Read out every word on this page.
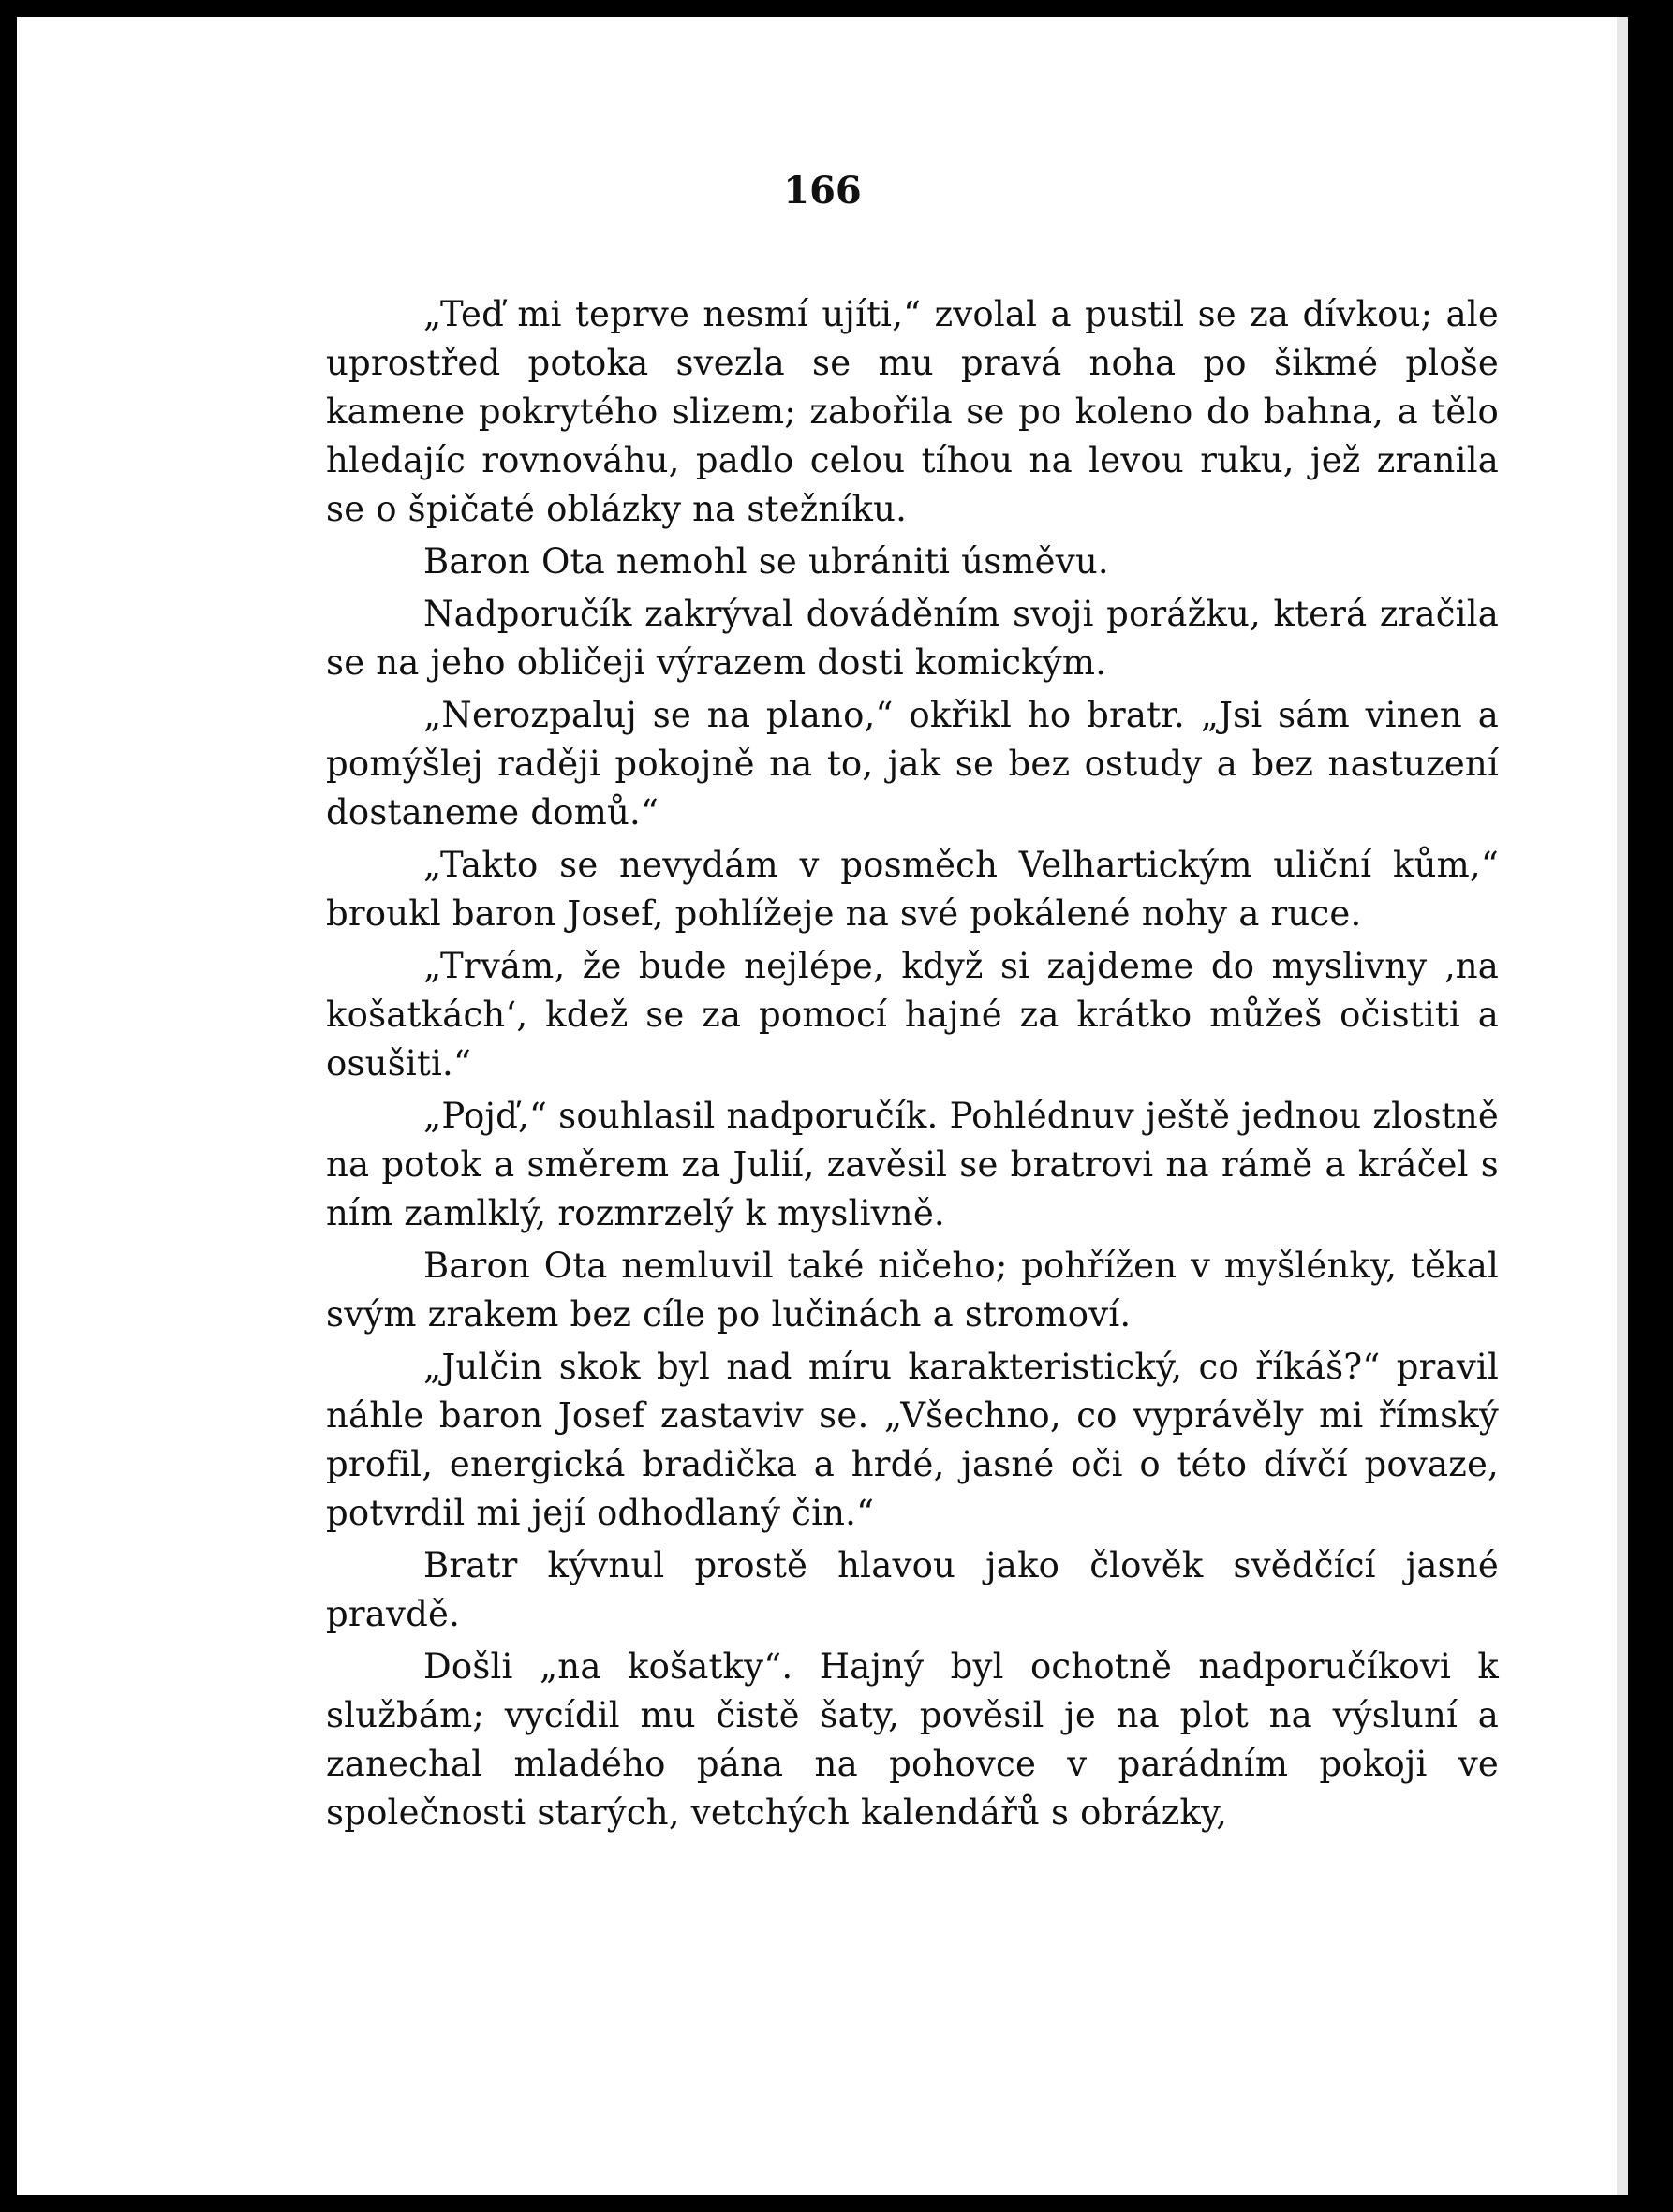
166

„Teď mi teprve nesmí ujíti,“ zvolal a pustil se za dívkou; ale uprostřed potoka svezla se mu pravá noha po šikmé ploše kamene pokrytého slizem; zabořila se po koleno do bahna, a tělo hledajíc rovnováhu, padlo celou tíhou na levou ruku, jež zranila se o špičaté oblázky na stežníku.

Baron Ota nemohl se ubrániti úsměvu.

Nadporučík zakrýval dováděním svoji porážku, která zračila se na jeho obličeji výrazem dosti komickým.

„Nerozpaluj se na plano,“ okřikl ho bratr. „Jsi sám vinen a pomýšlej raději pokojně na to, jak se bez ostudy a bez nastuzení dostaneme domů.“

„Takto se nevydám v posměch Velhartickým uliční kům,“ broukl baron Josef, pohlížeje na své pokálené nohy a ruce.

„Trvám, že bude nejlépe, když si zajdeme do myslivny ‚na košatkách‘, kdež se za pomocí hajné za krátko můžeš očistiti a osušiti.“

„Pojď,“ souhlasil nadporučík. Pohlédnuv ještě jednou zlostně na potok a směrem za Julií, zavěsil se bratrovi na rámě a kráčel s ním zamlklý, rozmrzelý k myslivně.

Baron Ota nemluvil také ničeho; pohřížen v myšlénky, těkal svým zrakem bez cíle po lučinách a stromoví.

„Julčin skok byl nad míru karakteristický, co říkáš?“ pravil náhle baron Josef zastaviv se. „Všechno, co vyprávěly mi římský profil, energická bradička a hrdé, jasné oči o této dívčí povaze, potvrdil mi její odhodlaný čin.“

Bratr kývnul prostě hlavou jako člověk svědčící jasné pravdě.

Došli „na košatky“. Hajný byl ochotně nadporučíkovi k službám; vycídil mu čistě šaty, pověsil je na plot na výsluní a zanechal mladého pána na pohovce v parádním pokoji ve společnosti starých, vetchých kalendářů s obrázky,
